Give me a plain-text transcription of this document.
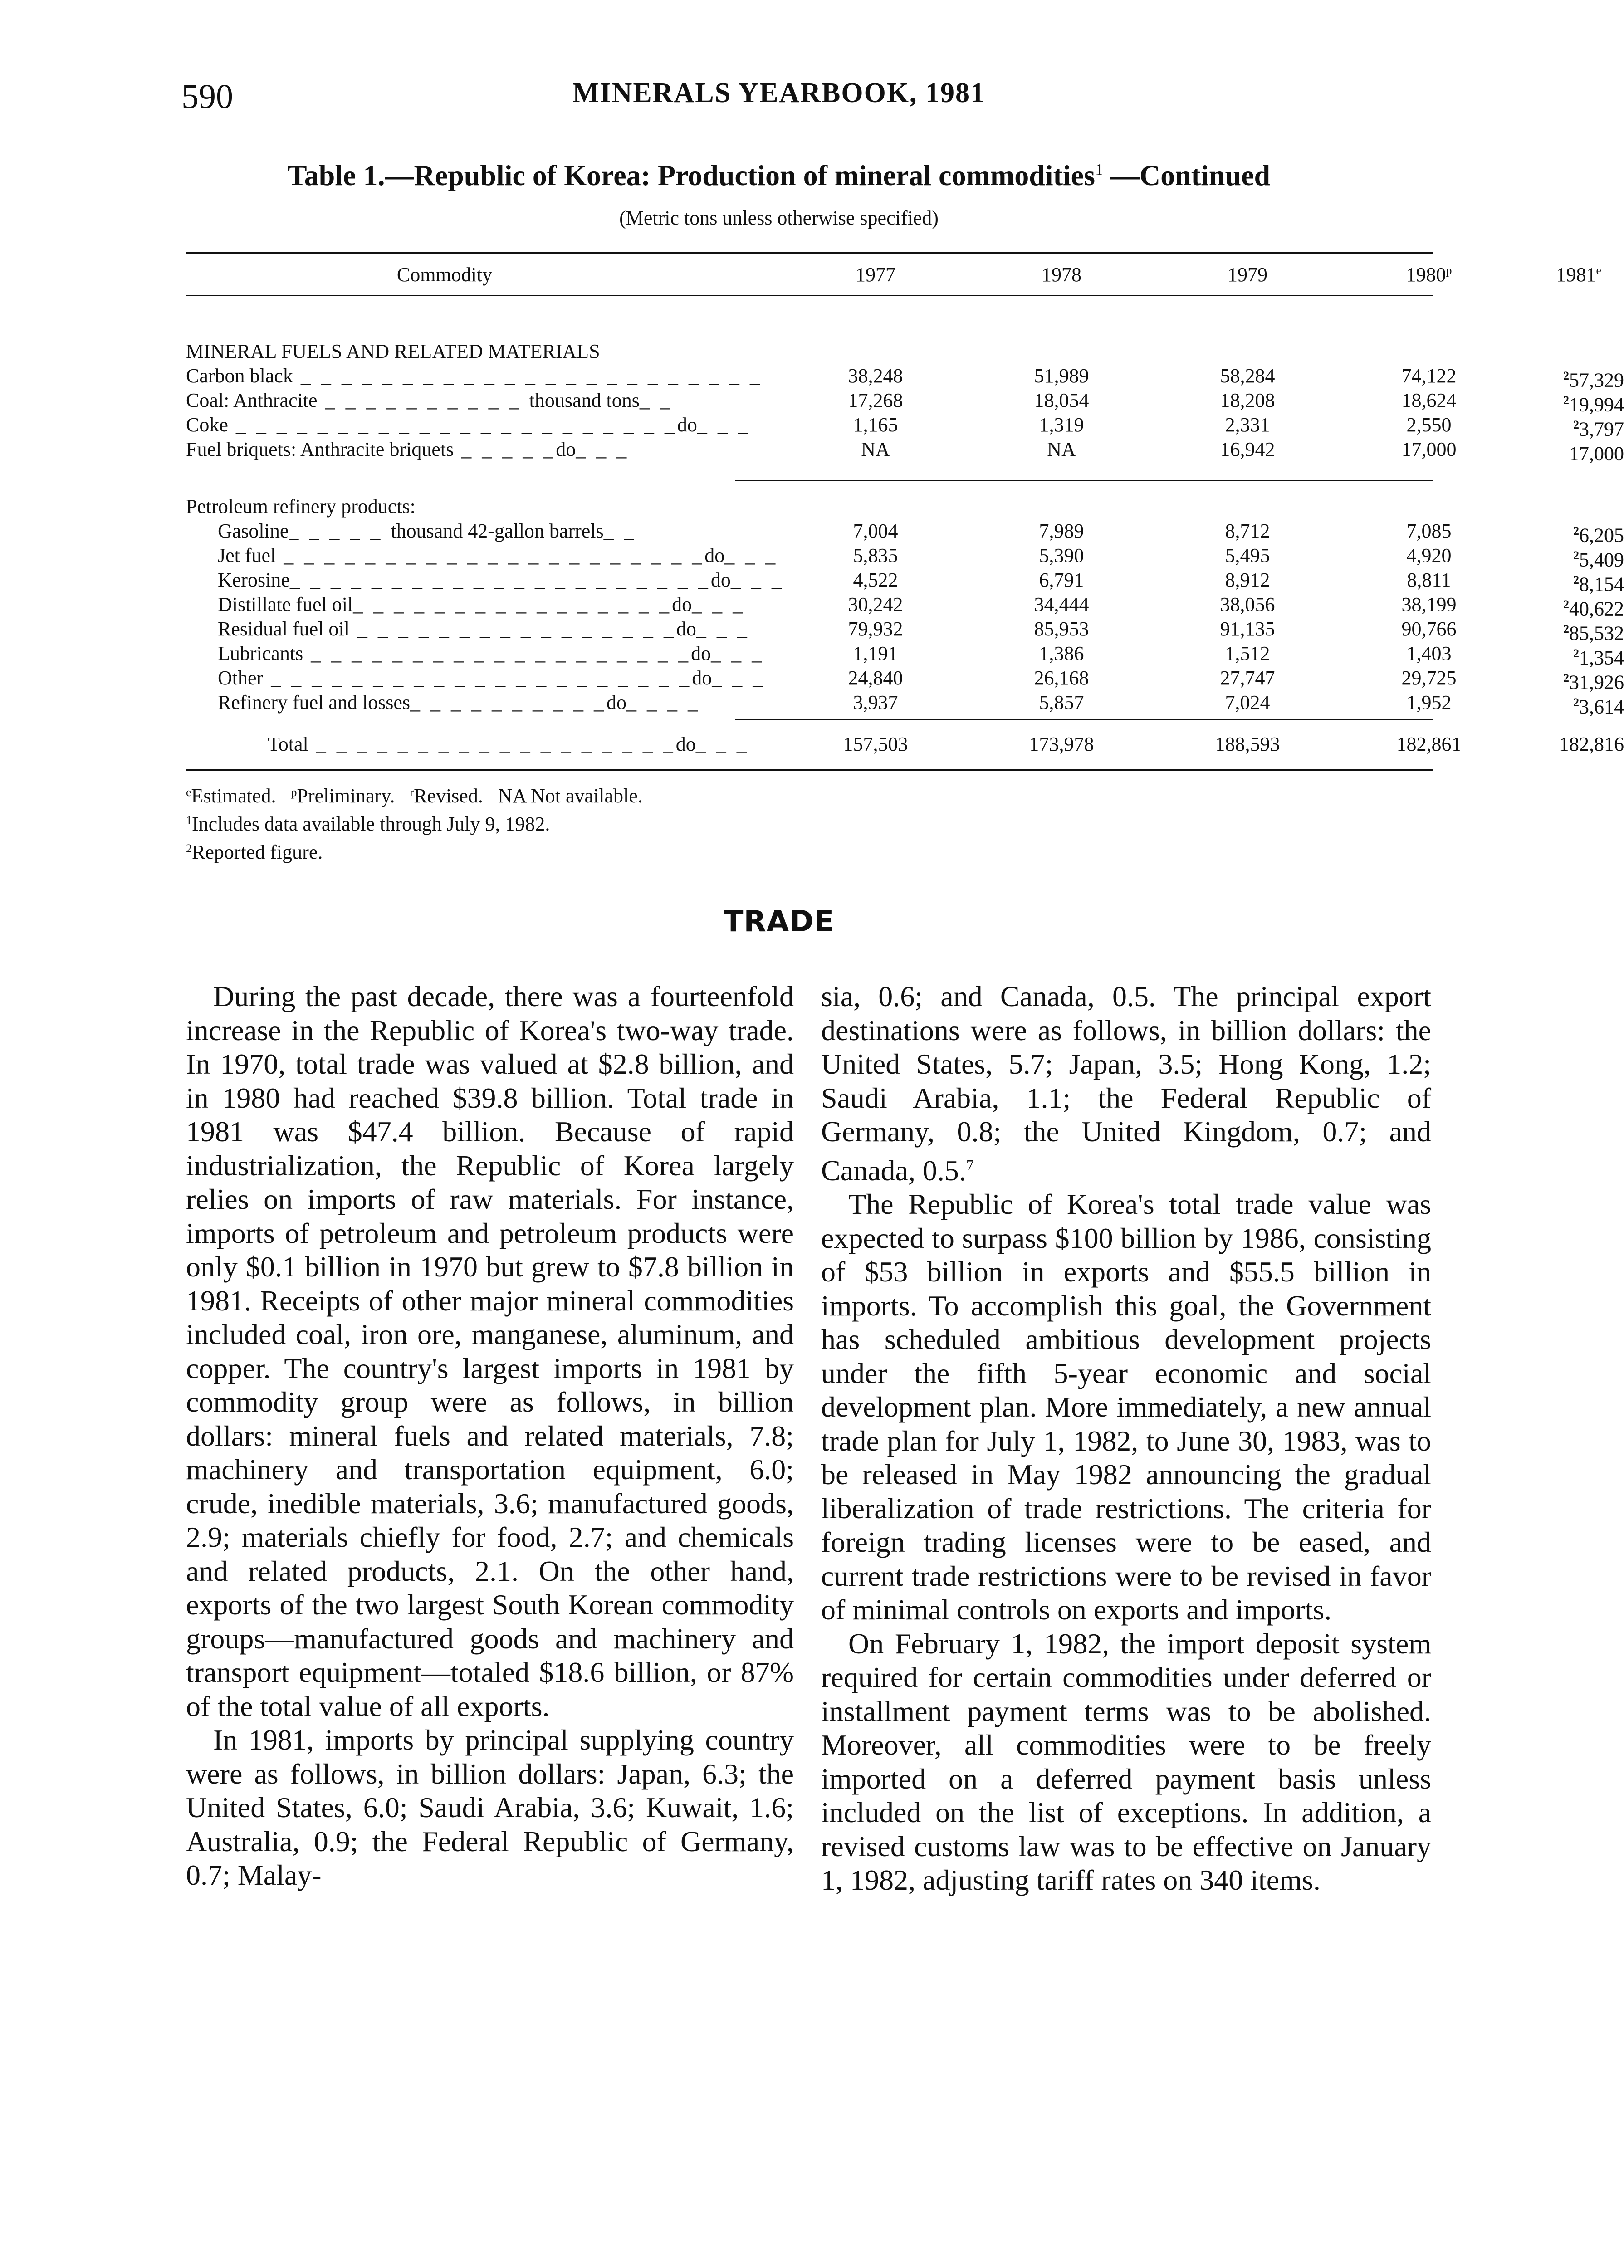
590	MINERALS YEARBOOK, 1981
Table 1.—Republic of Korea: Production of mineral commodities$^1$ —Continued
(Metric tons unless otherwise specified)
Commodity	1977	1978	1979	1980$^p$	1981e
MINERAL FUELS AND RELATED MATERIALS
Carbon black _ _ _ _ _ _ _ _ _ _ _ _ _ _ _ _ _ _ _ _ _ _ _	38,248	51,989	58,284	74,122	$^2$57,329
Coal: Anthracite _ _ _ _ _ _ _ _ _ _ thousand tons_ _	17,268	18,054	18,208	18,624	$^2$19,994
Coke _ _ _ _ _ _ _ _ _ _ _ _ _ _ _ _ _ _ _ _ _ _do_ _ _	1,165	1,319	2,331	2,550	$^2$3,797
Fuel briquets: Anthracite briquets _ _ _ _ _do_ _ _	NA	NA	16,942	17,000	17,000
Petroleum refinery products:
Gasoline_ _ _ _ _ thousand 42-gallon barrels_ _	7,004	7,989	8,712	7,085	$^2$6,205
Jet fuel _ _ _ _ _ _ _ _ _ _ _ _ _ _ _ _ _ _ _ _ _do_ _ _	5,835	5,390	5,495	4,920	$^2$5,409
Kerosine_ _ _ _ _ _ _ _ _ _ _ _ _ _ _ _ _ _ _ _ _do_ _ _	4,522	6,791	8,912	8,811	$^2$8,154
Distillate fuel oil_ _ _ _ _ _ _ _ _ _ _ _ _ _ _ _do_ _ _	30,242	34,444	38,056	38,199	$^2$40,622
Residual fuel oil _ _ _ _ _ _ _ _ _ _ _ _ _ _ _ _do_ _ _	79,932	85,953	91,135	90,766	$^2$85,532
Lubricants _ _ _ _ _ _ _ _ _ _ _ _ _ _ _ _ _ _ _do_ _ _	1,191	1,386	1,512	1,403	$^2$1,354
Other _ _ _ _ _ _ _ _ _ _ _ _ _ _ _ _ _ _ _ _ _do_ _ _	24,840	26,168	27,747	29,725	$^2$31,926
Refinery fuel and losses_ _ _ _ _ _ _ _ _ _do_ _ _ _	3,937	5,857	7,024	1,952	$^2$3,614
Total _ _ _ _ _ _ _ _ _ _ _ _ _ _ _ _ _ _do_ _ _	157,503	173,978	188,593	182,861	182,816
$^e$Estimated. $^p$Preliminary. $^r$Revised. NA Not available.
$^1$Includes data available through July 9, 1982.
$^2$Reported figure.
TRADE

During the past decade, there was a fourteenfold increase in the Republic of Korea's two-way trade. In 1970, total trade was valued at $2.8 billion, and in 1980 had reached $39.8 billion. Total trade in 1981 was $47.4 billion. Because of rapid industrialization, the Republic of Korea largely relies on imports of raw materials. For instance, imports of petroleum and petroleum products were only $0.1 billion in 1970 but grew to $7.8 billion in 1981. Receipts of other major mineral commodities included coal, iron ore, manganese, aluminum, and copper. The country's largest imports in 1981 by commodity group were as follows, in billion dollars: mineral fuels and related materials, 7.8; machinery and transportation equipment, 6.0; crude, inedible materials, 3.6; manufactured goods, 2.9; materials chiefly for food, 2.7; and chemicals and related products, 2.1. On the other hand, exports of the two largest South Korean commodity groups—manufactured goods and machinery and transport equipment—totaled $18.6 billion, or 87% of the total value of all exports.

In 1981, imports by principal supplying country were as follows, in billion dollars: Japan, 6.3; the United States, 6.0; Saudi Arabia, 3.6; Kuwait, 1.6; Australia, 0.9; the Federal Republic of Germany, 0.7; Malay-

sia, 0.6; and Canada, 0.5. The principal export destinations were as follows, in billion dollars: the United States, 5.7; Japan, 3.5; Hong Kong, 1.2; Saudi Arabia, 1.1; the Federal Republic of Germany, 0.8; the United Kingdom, 0.7; and Canada, 0.5.$^7$

The Republic of Korea's total trade value was expected to surpass $100 billion by 1986, consisting of $53 billion in exports and $55.5 billion in imports. To accomplish this goal, the Government has scheduled ambitious development projects under the fifth 5-year economic and social development plan. More immediately, a new annual trade plan for July 1, 1982, to June 30, 1983, was to be released in May 1982 announcing the gradual liberalization of trade restrictions. The criteria for foreign trading licenses were to be eased, and current trade restrictions were to be revised in favor of minimal controls on exports and imports.

On February 1, 1982, the import deposit system required for certain commodities under deferred or installment payment terms was to be abolished. Moreover, all commodities were to be freely imported on a deferred payment basis unless included on the list of exceptions. In addition, a revised customs law was to be effective on January 1, 1982, adjusting tariff rates on 340 items.
